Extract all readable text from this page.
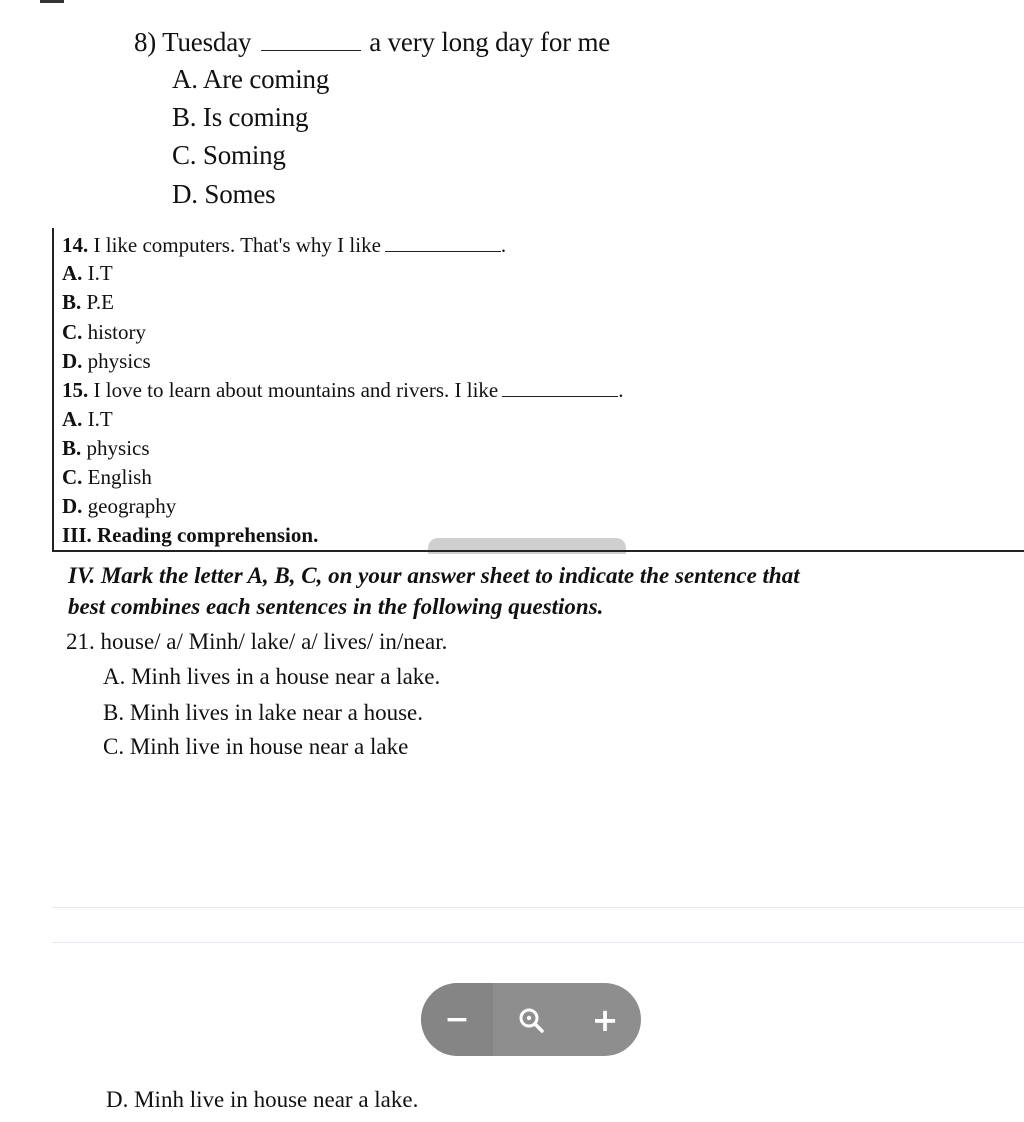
8) Tuesday	a very long day for me
A. Are coming
B. Is coming
C. Soming
D. Somes
14. I like computers. That's why I like	.
A. I.T
B. P.E
C. history
D. physics
15. I love to learn about mountains and rivers. I like	.
A. I.T
B. physics
C. English
D. geography
III. Reading comprehension.
IV. Mark the letter A, B, C, on your answer sheet to indicate the sentence that
best combines each sentences in the following questions.
21. house/ a/ Minh/ lake/ a/ lives/ in/near.
A. Minh lives in a house near a lake.
B. Minh lives in lake near a house.
C. Minh live in house near a lake
−	+
D. Minh live in house near a lake.
